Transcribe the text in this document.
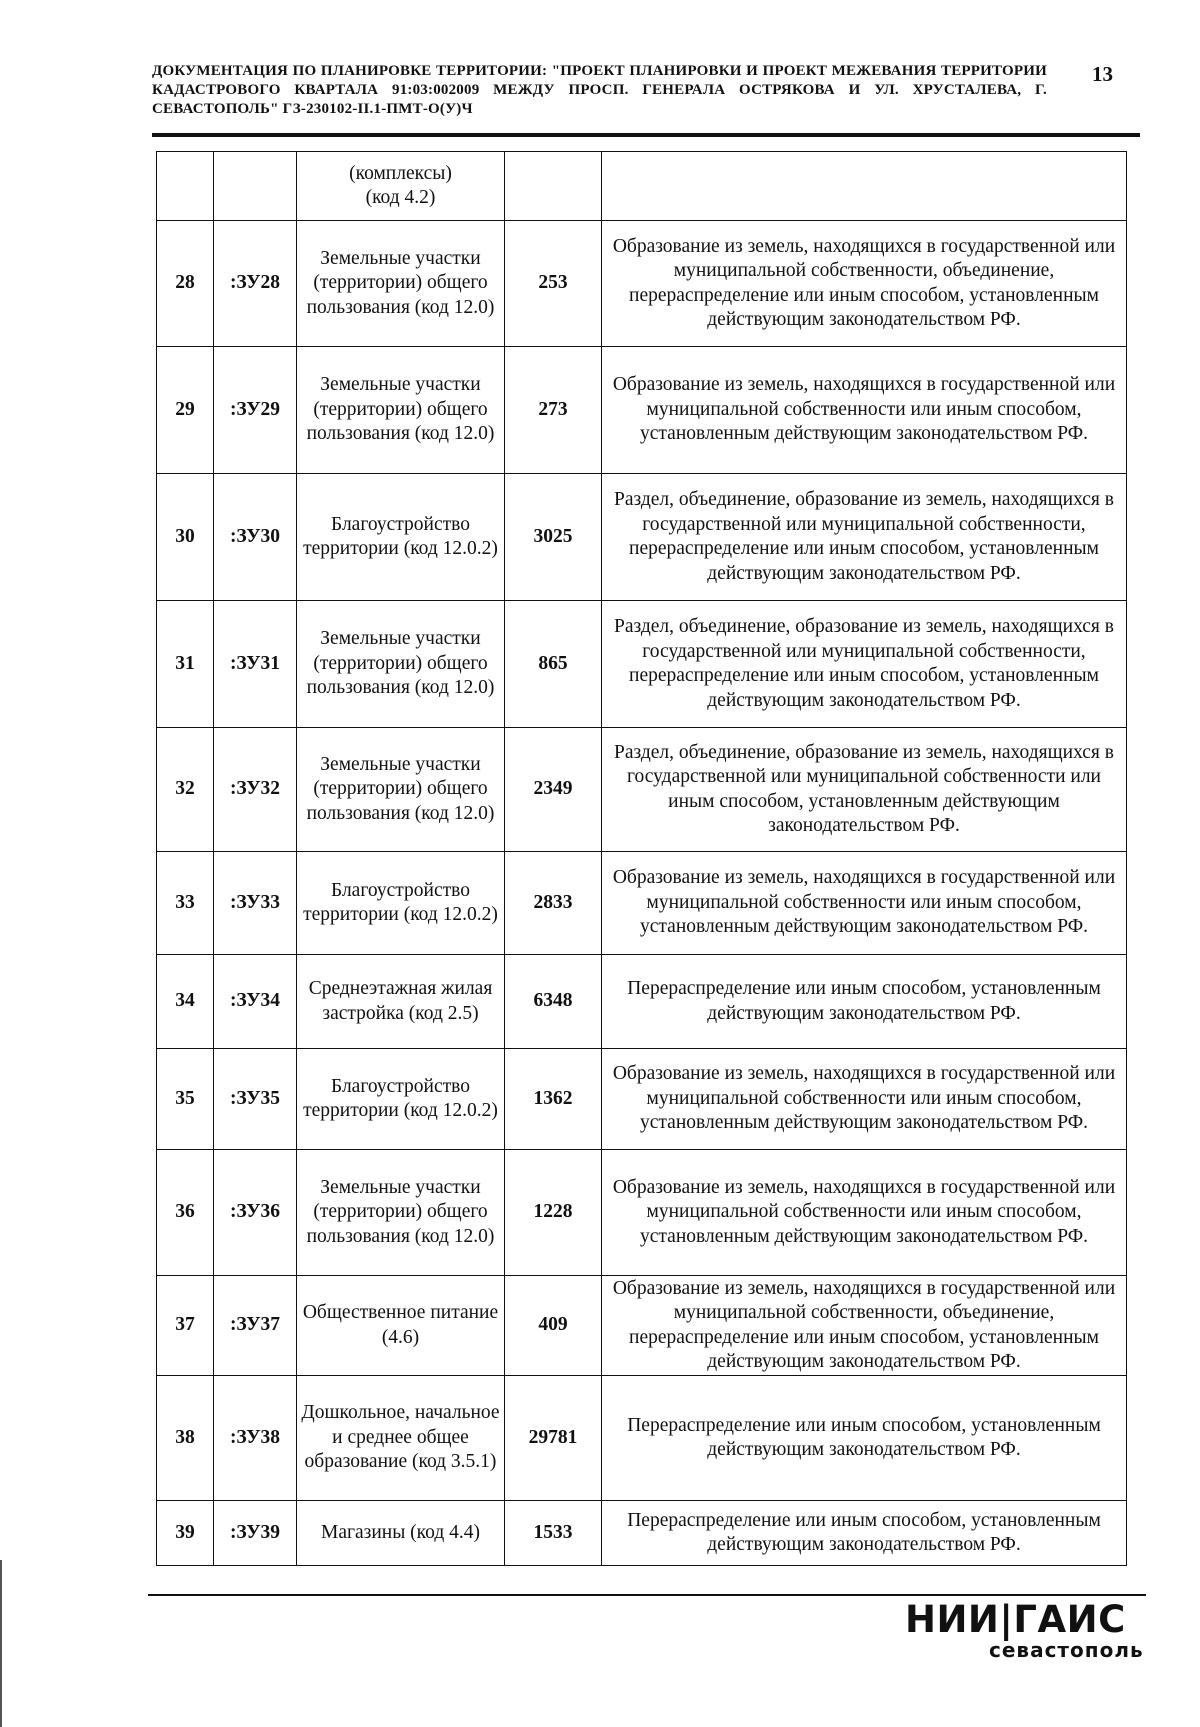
ДОКУМЕНТАЦИЯ ПО ПЛАНИРОВКЕ ТЕРРИТОРИИ: "ПРОЕКТ ПЛАНИРОВКИ И ПРОЕКТ МЕЖЕВАНИЯ ТЕРРИТОРИИ КАДАСТРОВОГО КВАРТАЛА 91:03:002009 МЕЖДУ ПРОСП. ГЕНЕРАЛА ОСТРЯКОВА И УЛ. ХРУСТАЛЕВА, Г. СЕВАСТОПОЛЬ" ГЗ-230102-II.1-ПМТ-О(У)Ч
13
		(комплексы)
(код 4.2)		
28	:ЗУ28	Земельные участки (территории) общего пользования (код 12.0)	253	Образование из земель, находящихся в государственной или муниципальной собственности, объединение, перераспределение или иным способом, установленным действующим законодательством РФ.
29	:ЗУ29	Земельные участки (территории) общего пользования (код 12.0)	273	Образование из земель, находящихся в государственной или муниципальной собственности или иным способом, установленным действующим законодательством РФ.
30	:ЗУ30	Благоустройство территории (код 12.0.2)	3025	Раздел, объединение, образование из земель, находящихся в государственной или муниципальной собственности, перераспределение или иным способом, установленным действующим законодательством РФ.
31	:ЗУ31	Земельные участки (территории) общего пользования (код 12.0)	865	Раздел, объединение, образование из земель, находящихся в государственной или муниципальной собственности, перераспределение или иным способом, установленным действующим законодательством РФ.
32	:ЗУ32	Земельные участки (территории) общего пользования (код 12.0)	2349	Раздел, объединение, образование из земель, находящихся в государственной или муниципальной собственности или иным способом, установленным действующим законодательством РФ.
33	:ЗУ33	Благоустройство территории (код 12.0.2)	2833	Образование из земель, находящихся в государственной или муниципальной собственности или иным способом, установленным действующим законодательством РФ.
34	:ЗУ34	Среднеэтажная жилая застройка (код 2.5)	6348	Перераспределение или иным способом, установленным действующим законодательством РФ.
35	:ЗУ35	Благоустройство территории (код 12.0.2)	1362	Образование из земель, находящихся в государственной или муниципальной собственности или иным способом, установленным действующим законодательством РФ.
36	:ЗУ36	Земельные участки (территории) общего пользования (код 12.0)	1228	Образование из земель, находящихся в государственной или муниципальной собственности или иным способом, установленным действующим законодательством РФ.
37	:ЗУ37	Общественное питание (4.6)	409	Образование из земель, находящихся в государственной или муниципальной собственности, объединение, перераспределение или иным способом, установленным действующим законодательством РФ.
38	:ЗУ38	Дошкольное, начальное и среднее общее образование (код 3.5.1)	29781	Перераспределение или иным способом, установленным действующим законодательством РФ.
39	:ЗУ39	Магазины (код 4.4)	1533	Перераспределение или иным способом, установленным действующим законодательством РФ.
НИИ|ГАИС
севастополь
